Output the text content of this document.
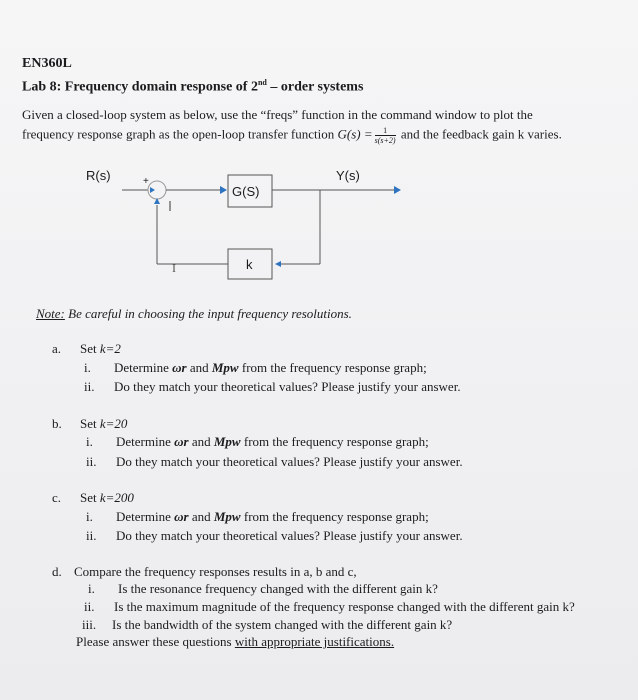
EN360L
Lab 8: Frequency domain response of 2nd – order systems
Given a closed-loop system as below, use the “freqs” function in the command window to plot the
frequency response graph as the open-loop transfer function $G(s) = \frac{1}{s(s+2)}$ and the feedback gain k varies.
R(s)	+
G(S)
Y(s)
k
I
Note: Be careful in choosing the input frequency resolutions.
a. Set k=2
i. Determine ωr and Mpw from the frequency response graph;
ii. Do they match your theoretical values? Please justify your answer.
b. Set k=20
i. Determine ωr and Mpw from the frequency response graph;
ii. Do they match your theoretical values? Please justify your answer.
c. Set k=200
i. Determine ωr and Mpw from the frequency response graph;
ii. Do they match your theoretical values? Please justify your answer.
d. Compare the frequency responses results in a, b and c,
i. Is the resonance frequency changed with the different gain k?
ii. Is the maximum magnitude of the frequency response changed with the different gain k?
iii. Is the bandwidth of the system changed with the different gain k?
Please answer these questions with appropriate justifications.
